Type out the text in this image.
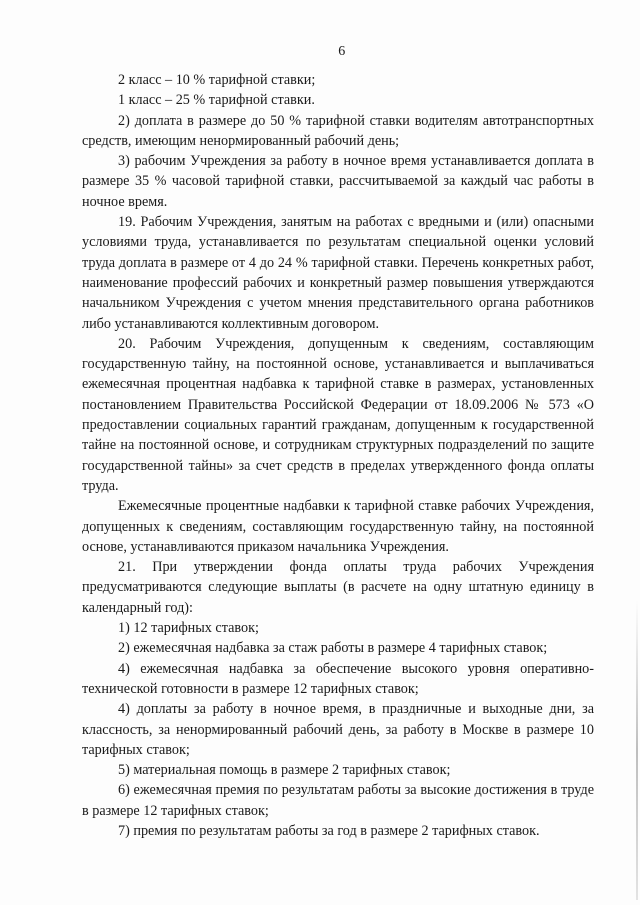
6

2 класс – 10 % тарифной ставки;

1 класс – 25 % тарифной ставки.

2) доплата в размере до 50 % тарифной ставки водителям автотранспортных средств, имеющим ненормированный рабочий день;

3) рабочим Учреждения за работу в ночное время устанавливается доплата в размере 35 % часовой тарифной ставки, рассчитываемой за каждый час работы в ночное время.

19. Рабочим Учреждения, занятым на работах с вредными и (или) опасными условиями труда, устанавливается по результатам специальной оценки условий труда доплата в размере от 4 до 24 % тарифной ставки. Перечень конкретных работ, наименование профессий рабочих и конкретный размер повышения утверждаются начальником Учреждения с учетом мнения представительного органа работников либо устанавливаются коллективным договором.

20. Рабочим Учреждения, допущенным к сведениям, составляющим государственную тайну, на постоянной основе, устанавливается и выплачиваться ежемесячная процентная надбавка к тарифной ставке в размерах, установленных постановлением Правительства Российской Федерации от 18.09.2006 № 573 «О предоставлении социальных гарантий гражданам, допущенным к государственной тайне на постоянной основе, и сотрудникам структурных подразделений по защите государственной тайны» за счет средств в пределах утвержденного фонда оплаты труда.

Ежемесячные процентные надбавки к тарифной ставке рабочих Учреждения, допущенных к сведениям, составляющим государственную тайну, на постоянной основе, устанавливаются приказом начальника Учреждения.

21. При утверждении фонда оплаты труда рабочих Учреждения предусматриваются следующие выплаты (в расчете на одну штатную единицу в календарный год):

1) 12 тарифных ставок;

2) ежемесячная надбавка за стаж работы в размере 4 тарифных ставок;

4) ежемесячная надбавка за обеспечение высокого уровня оперативно-технической готовности в размере 12 тарифных ставок;

4) доплаты за работу в ночное время, в праздничные и выходные дни, за классность, за ненормированный рабочий день, за работу в Москве в размере 10 тарифных ставок;

5) материальная помощь в размере 2 тарифных ставок;

6) ежемесячная премия по результатам работы за высокие достижения в труде в размере 12 тарифных ставок;

7) премия по результатам работы за год в размере 2 тарифных ставок.
